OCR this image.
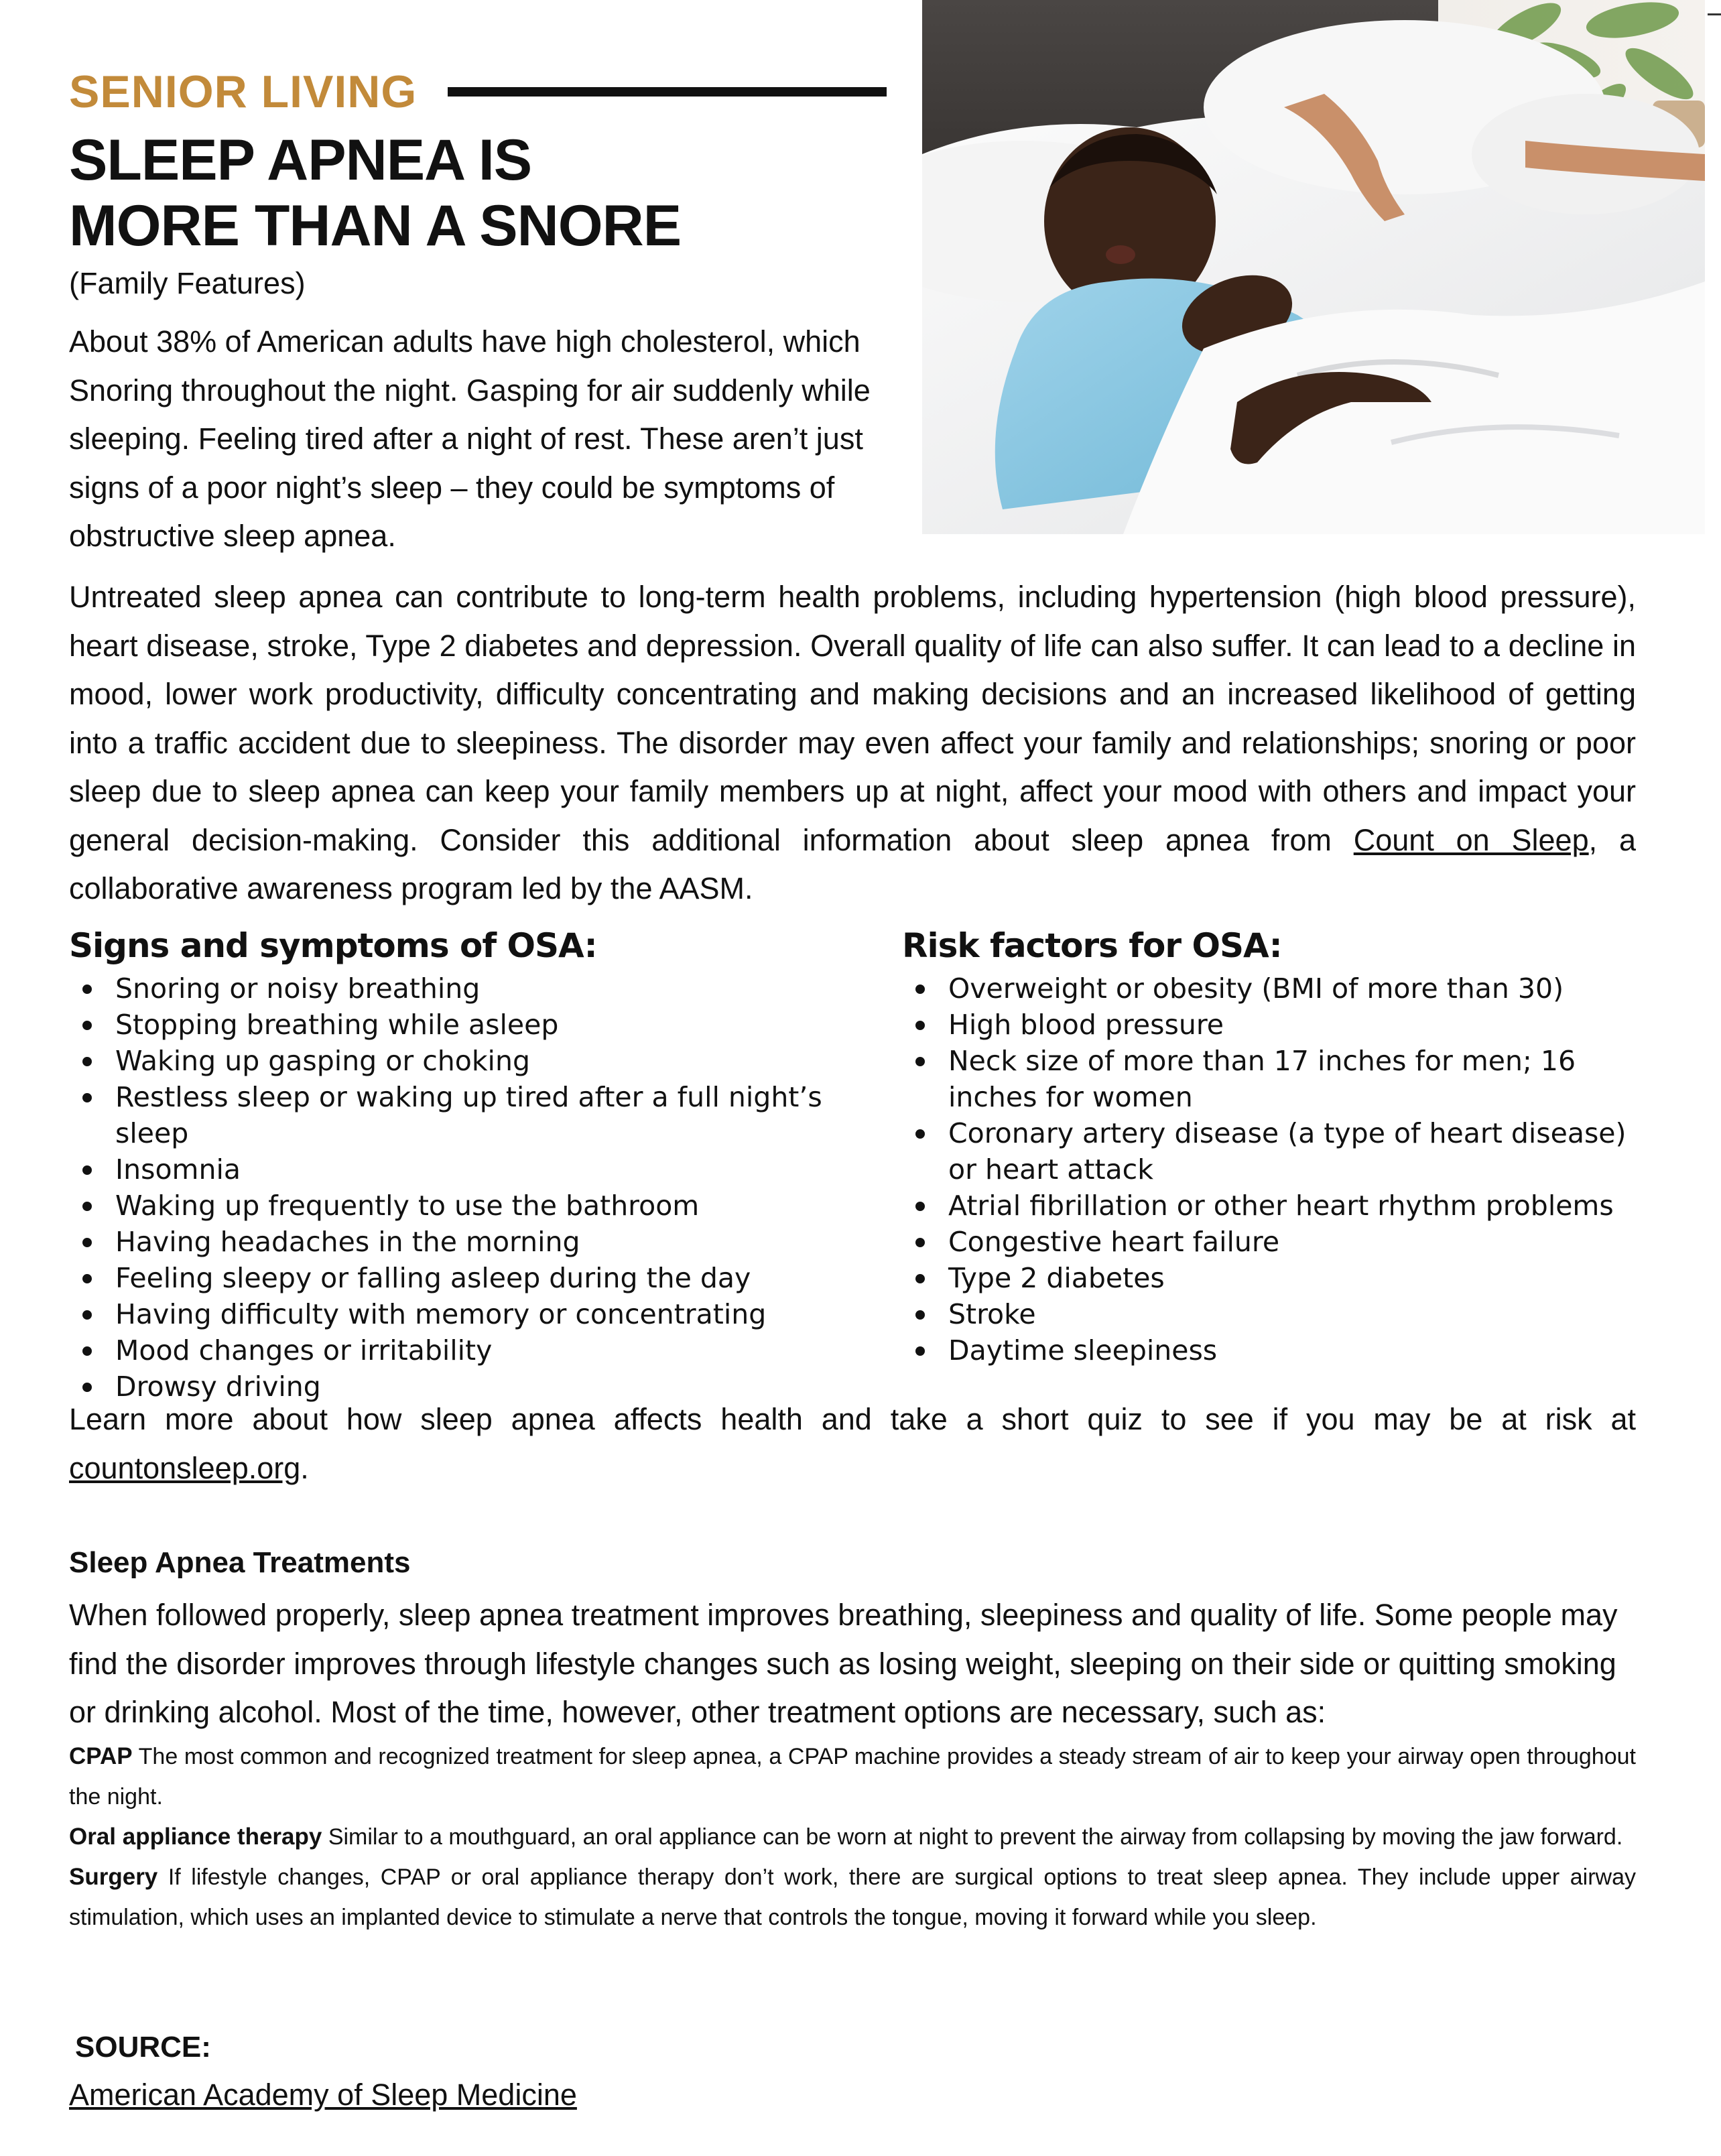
SENIOR LIVING
SLEEP APNEA IS
MORE THAN A SNORE
(Family Features)
About 38% of American adults have high cholesterol, which Snoring throughout the night. Gasping for air suddenly while sleeping. Feeling tired after a night of rest. These aren’t just signs of a poor night’s sleep – they could be symptoms of obstructive sleep apnea.
Untreated sleep apnea can contribute to long-term health problems, including hypertension (high blood pressure), heart disease, stroke, Type 2 diabetes and depression. Overall quality of life can also suffer. It can lead to a decline in mood, lower work productivity, difficulty concentrating and making decisions and an increased likelihood of getting into a traffic accident due to sleepiness. The disorder may even affect your family and relationships; snoring or poor sleep due to sleep apnea can keep your family members up at night, affect your mood with others and impact your general decision-making. Consider this additional information about sleep apnea from Count on Sleep, a collaborative awareness program led by the AASM.
Signs and symptoms of OSA:
Snoring or noisy breathing
Stopping breathing while asleep
Waking up gasping or choking
Restless sleep or waking up tired after a full night’s sleep
Insomnia
Waking up frequently to use the bathroom
Having headaches in the morning
Feeling sleepy or falling asleep during the day
Having difficulty with memory or concentrating
Mood changes or irritability
Drowsy driving
Risk factors for OSA:
Overweight or obesity (BMI of more than 30)
High blood pressure
Neck size of more than 17 inches for men; 16 inches for women
Coronary artery disease (a type of heart disease) or heart attack
Atrial fibrillation or other heart rhythm problems
Congestive heart failure
Type 2 diabetes
Stroke
Daytime sleepiness
Learn more about how sleep apnea affects health and take a short quiz to see if you may be at risk at countonsleep.org.
Sleep Apnea Treatments
When followed properly, sleep apnea treatment improves breathing, sleepiness and quality of life. Some people may find the disorder improves through lifestyle changes such as losing weight, sleeping on their side or quitting smoking or drinking alcohol. Most of the time, however, other treatment options are necessary, such as:

CPAP The most common and recognized treatment for sleep apnea, a CPAP machine provides a steady stream of air to keep your airway open throughout the night.

Oral appliance therapy Similar to a mouthguard, an oral appliance can be worn at night to prevent the airway from collapsing by moving the jaw forward.

Surgery If lifestyle changes, CPAP or oral appliance therapy don’t work, there are surgical options to treat sleep apnea. They include upper airway stimulation, which uses an implanted device to stimulate a nerve that controls the tongue, moving it forward while you sleep.

SOURCE:
American Academy of Sleep Medicine
